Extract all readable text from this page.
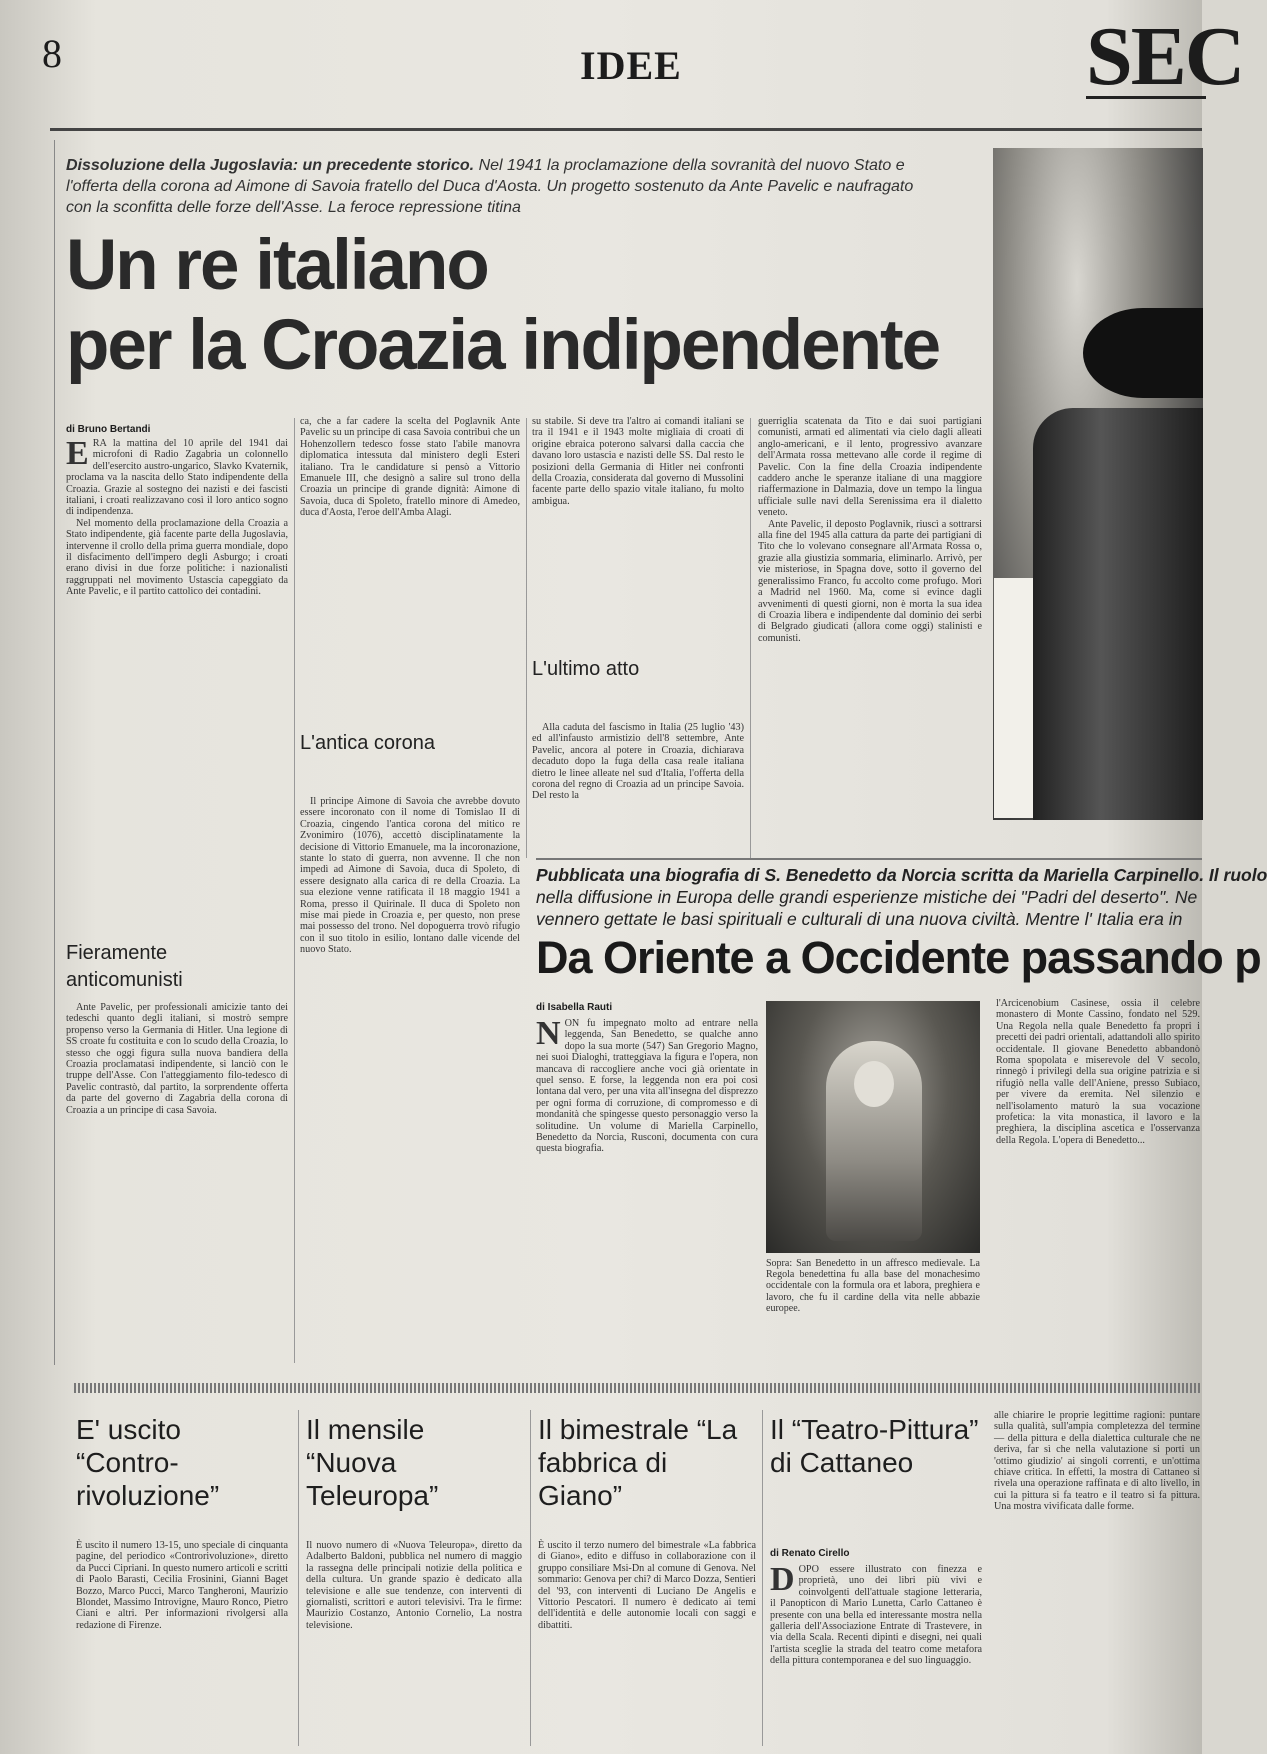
8	IDEE	SEC
Dissoluzione della Jugoslavia: un precedente storico. Nel 1941 la proclamazione della sovranità del nuovo Stato e l'offerta della corona ad Aimone di Savoia fratello del Duca d'Aosta. Un progetto sostenuto da Ante Pavelic e naufragato con la sconfitta delle forze dell'Asse. La feroce repressione titina
Un re italiano
per la Croazia indipendente
di Bruno Bertandi
E RA la mattina del 10 aprile del 1941 dai microfoni di Radio Zagabria un colonnello dell'esercito austro-ungarico, Slavko Kvaternik, proclama va la nascita dello Stato indipendente della Croazia. Grazie al sostegno dei nazisti e dei fascisti italiani, i croati realizzavano così il loro antico sogno di indipendenza.

Nel momento della proclamazione della Croazia a Stato indipendente, già facente parte della Jugoslavia, intervenne il crollo della prima guerra mondiale, dopo il disfacimento dell'impero degli Asburgo; i croati erano divisi in due forze politiche: i nazionalisti raggruppati nel movimento Ustascia capeggiato da Ante Pavelic, e il partito cattolico dei contadini.

Fieramente anticomunisti

Ante Pavelic, per professionali amicizie tanto dei tedeschi quanto degli italiani, si mostrò sempre propenso verso la Germania di Hitler. Una legione di SS croate fu costituita e con lo scudo della Croazia, lo stesso che oggi figura sulla nuova bandiera della Croazia proclamatasi indipendente, si lanciò con le truppe dell'Asse. Con l'atteggiamento filo-tedesco di Pavelic contrastò, dal partito, la sorprendente offerta da parte del governo di Zagabria della corona di Croazia a un principe di casa Savoia.

ca, che a far cadere la scelta del Poglavnik Ante Pavelic su un principe di casa Savoia contribuì che un Hohenzollern tedesco fosse stato l'abile manovra diplomatica intessuta dal ministero degli Esteri italiano. Tra le candidature si pensò a Vittorio Emanuele III, che designò a salire sul trono della Croazia un principe di grande dignità: Aimone di Savoia, duca di Spoleto, fratello minore di Amedeo, duca d'Aosta, l'eroe dell'Amba Alagi.

L'antica corona

Il principe Aimone di Savoia che avrebbe dovuto essere incoronato con il nome di Tomislao II di Croazia, cingendo l'antica corona del mitico re Zvonimiro (1076), accettò disciplinatamente la decisione di Vittorio Emanuele, ma la incoronazione, stante lo stato di guerra, non avvenne. Il che non impedì ad Aimone di Savoia, duca di Spoleto, di essere designato alla carica di re della Croazia. La sua elezione venne ratificata il 18 maggio 1941 a Roma, presso il Quirinale. Il duca di Spoleto non mise mai piede in Croazia e, per questo, non prese mai possesso del trono. Nel dopoguerra trovò rifugio con il suo titolo in esilio, lontano dalle vicende del nuovo Stato.

su stabile. Si deve tra l'altro ai comandi italiani se tra il 1941 e il 1943 molte migliaia di croati di origine ebraica poterono salvarsi dalla caccia che davano loro ustascia e nazisti delle SS. Dal resto le posizioni della Germania di Hitler nei confronti della Croazia, considerata dal governo di Mussolini facente parte dello spazio vitale italiano, fu molto ambigua.

L'ultimo atto

Alla caduta del fascismo in Italia (25 luglio '43) ed all'infausto armistizio dell'8 settembre, Ante Pavelic, ancora al potere in Croazia, dichiarava decaduto dopo la fuga della casa reale italiana dietro le linee alleate nel sud d'Italia, l'offerta della corona del regno di Croazia ad un principe Savoia. Del resto la

guerriglia scatenata da Tito e dai suoi partigiani comunisti, armati ed alimentati via cielo dagli alleati anglo-americani, e il lento, progressivo avanzare dell'Armata rossa mettevano alle corde il regime di Pavelic. Con la fine della Croazia indipendente caddero anche le speranze italiane di una maggiore riaffermazione in Dalmazia, dove un tempo la lingua ufficiale sulle navi della Serenissima era il dialetto veneto.

Ante Pavelic, il deposto Poglavnik, riuscì a sottrarsi alla fine del 1945 alla cattura da parte dei partigiani di Tito che lo volevano consegnare all'Armata Rossa o, grazie alla giustizia sommaria, eliminarlo. Arrivò, per vie misteriose, in Spagna dove, sotto il governo del generalissimo Franco, fu accolto come profugo. Morì a Madrid nel 1960. Ma, come si evince dagli avvenimenti di questi giorni, non è morta la sua idea di Croazia libera e indipendente dal dominio dei serbi di Belgrado giudicati (allora come oggi) stalinisti e comunisti.

Pubblicata una biografia di S. Benedetto da Norcia scritta da Mariella Carpinello. Il ruolo
nella diffusione in Europa delle grandi esperienze mistiche dei "Padri del deserto". Ne
vennero gettate le basi spirituali e culturali di una nuova civiltà. Mentre l' Italia era in
Da Oriente a Occidente passando p
di Isabella Rauti
N ON fu impegnato molto ad entrare nella leggenda, San Benedetto, se qualche anno dopo la sua morte (547) San Gregorio Magno, nei suoi Dialoghi, tratteggiava la figura e l'opera, non mancava di raccogliere anche voci già orientate in quel senso. E forse, la leggenda non era poi così lontana dal vero, per una vita all'insegna del disprezzo per ogni forma di corruzione, di compromesso e di mondanità che spingesse questo personaggio verso la solitudine. Un volume di Mariella Carpinello, Benedetto da Norcia, Rusconi, documenta con cura questa biografia.

Sopra: San Benedetto in un affresco medievale. La Regola benedettina fu alla base del monachesimo occidentale con la formula ora et labora, preghiera e lavoro, che fu il cardine della vita nelle abbazie europee.

l'Arcicenobium Casinese, ossia il celebre monastero di Monte Cassino, fondato nel 529. Una Regola nella quale Benedetto fa propri i precetti dei padri orientali, adattandoli allo spirito occidentale. Il giovane Benedetto abbandonò Roma spopolata e miserevole del V secolo, rinnegò i privilegi della sua origine patrizia e si rifugiò nella valle dell'Aniene, presso Subiaco, per vivere da eremita. Nel silenzio e nell'isolamento maturò la sua vocazione profetica: la vita monastica, il lavoro e la preghiera, la disciplina ascetica e l'osservanza della Regola. L'opera di Benedetto...

E' uscito “Contro-rivoluzione”
È uscito il numero 13-15, uno speciale di cinquanta pagine, del periodico «Controrivoluzione», diretto da Pucci Cipriani. In questo numero articoli e scritti di Paolo Barasti, Cecilia Frosinini, Gianni Baget Bozzo, Marco Pucci, Marco Tangheroni, Maurizio Blondet, Massimo Introvigne, Mauro Ronco, Pietro Ciani e altri. Per informazioni rivolgersi alla redazione di Firenze.
Il mensile “Nuova Teleuropa”
Il nuovo numero di «Nuova Teleuropa», diretto da Adalberto Baldoni, pubblica nel numero di maggio la rassegna delle principali notizie della politica e della cultura. Un grande spazio è dedicato alla televisione e alle sue tendenze, con interventi di giornalisti, scrittori e autori televisivi. Tra le firme: Maurizio Costanzo, Antonio Cornelio, La nostra televisione.
Il bimestrale “La fabbrica di Giano”
È uscito il terzo numero del bimestrale «La fabbrica di Giano», edito e diffuso in collaborazione con il gruppo consiliare Msi-Dn al comune di Genova. Nel sommario: Genova per chi? di Marco Dozza, Sentieri del '93, con interventi di Luciano De Angelis e Vittorio Pescatori. Il numero è dedicato ai temi dell'identità e delle autonomie locali con saggi e dibattiti.
Il “Teatro-Pittura” di Cattaneo
di Renato Cirello
D OPO essere illustrato con finezza e proprietà, uno dei libri più vivi e coinvolgenti dell'attuale stagione letteraria, il Panopticon di Mario Lunetta, Carlo Cattaneo è presente con una bella ed interessante mostra nella galleria dell'Associazione Entrate di Trastevere, in via della Scala. Recenti dipinti e disegni, nei quali l'artista sceglie la strada del teatro come metafora della pittura contemporanea e del suo linguaggio.

alle chiarire le proprie legittime ragioni: puntare sulla qualità, sull'ampia completezza del termine — della pittura e della dialettica culturale che ne deriva, far sì che nella valutazione si porti un 'ottimo giudizio' ai singoli correnti, e un'ottima chiave critica. In effetti, la mostra di Cattaneo si rivela una operazione raffinata e di alto livello, in cui la pittura si fa teatro e il teatro si fa pittura. Una mostra vivificata dalle forme.
